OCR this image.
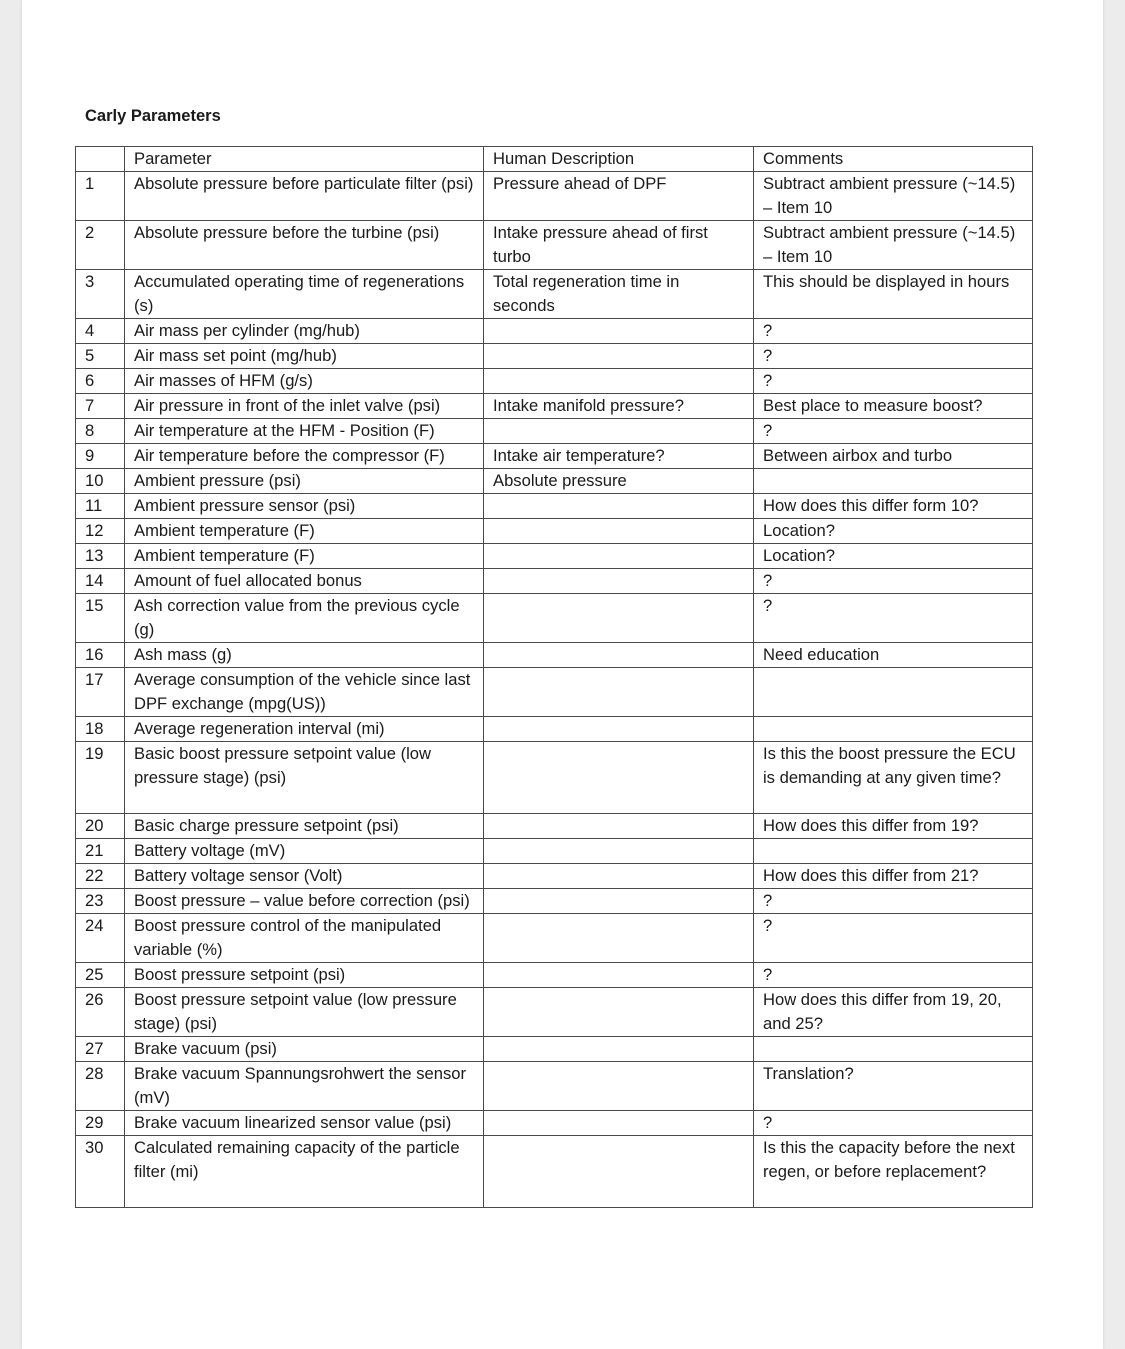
Carly Parameters
	Parameter	Human Description	Comments
1	Absolute pressure before particulate filter (psi)	Pressure ahead of DPF	Subtract ambient pressure (~14.5) – Item 10
2	Absolute pressure before the turbine (psi)	Intake pressure ahead of first turbo	Subtract ambient pressure (~14.5) – Item 10
3	Accumulated operating time of regenerations (s)	Total regeneration time in seconds	This should be displayed in hours
4	Air mass per cylinder (mg/hub)		?
5	Air mass set point (mg/hub)		?
6	Air masses of HFM (g/s)		?
7	Air pressure in front of the inlet valve (psi)	Intake manifold pressure?	Best place to measure boost?
8	Air temperature at the HFM - Position (F)		?
9	Air temperature before the compressor (F)	Intake air temperature?	Between airbox and turbo
10	Ambient pressure (psi)	Absolute pressure	
11	Ambient pressure sensor (psi)		How does this differ form 10?
12	Ambient temperature (F)		Location?
13	Ambient temperature (F)		Location?
14	Amount of fuel allocated bonus		?
15	Ash correction value from the previous cycle (g)		?
16	Ash mass (g)		Need education
17	Average consumption of the vehicle since last DPF exchange (mpg(US))		
18	Average regeneration interval (mi)		
19	Basic boost pressure setpoint value (low pressure stage) (psi)		Is this the boost pressure the ECU is demanding at any given time?
20	Basic charge pressure setpoint (psi)		How does this differ from 19?
21	Battery voltage (mV)		
22	Battery voltage sensor (Volt)		How does this differ from 21?
23	Boost pressure – value before correction (psi)		?
24	Boost pressure control of the manipulated variable (%)		?
25	Boost pressure setpoint (psi)		?
26	Boost pressure setpoint value (low pressure stage) (psi)		How does this differ from 19, 20, and 25?
27	Brake vacuum (psi)		
28	Brake vacuum Spannungsrohwert the sensor (mV)		Translation?
29	Brake vacuum linearized sensor value (psi)		?
30	Calculated remaining capacity of the particle filter (mi)		Is this the capacity before the next regen, or before replacement?
